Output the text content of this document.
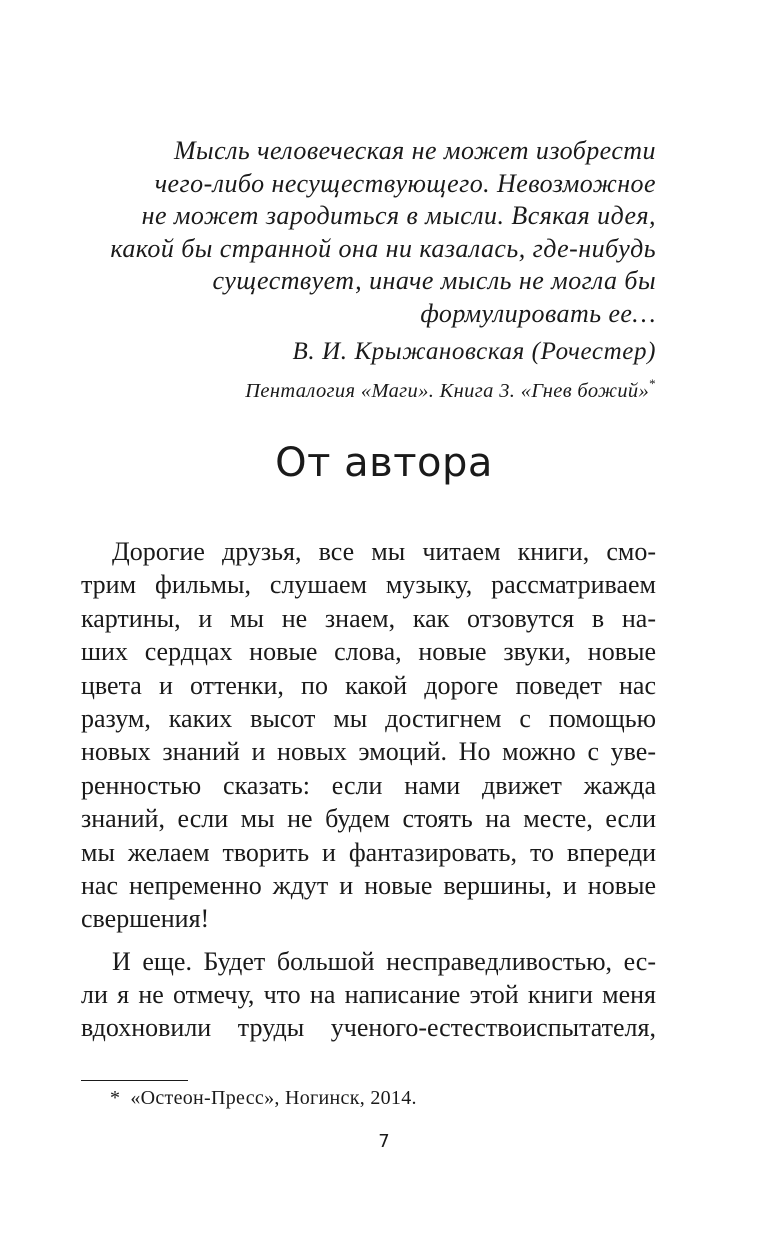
Мысль человеческая не может изобрести
чего-либо несуществующего. Невозможное
не может зародиться в мысли. Всякая идея,
какой бы странной она ни казалась, где-нибудь
существует, иначе мысль не могла бы
формулировать ее…
В. И. Крыжановская (Рочестер)
Пенталогия «Маги». Книга 3. «Гнев божий»*
От автора
Дорогие друзья, все мы читаем книги, смо-
трим фильмы, слушаем музыку, рассматриваем
картины, и мы не знаем, как отзовутся в на-
ших сердцах новые слова, новые звуки, новые
цвета и оттенки, по какой дороге поведет нас
разум, каких высот мы достигнем с помощью
новых знаний и новых эмоций. Но можно с уве-
ренностью сказать: если нами движет жажда
знаний, если мы не будем стоять на месте, если
мы желаем творить и фантазировать, то впереди
нас непременно ждут и новые вершины, и новые
свершения!
И еще. Будет большой несправедливостью, ес-
ли я не отмечу, что на написание этой книги меня
вдохновили труды ученого-естествоиспытателя,
* «Остеон-Пресс», Ногинск, 2014.
7
